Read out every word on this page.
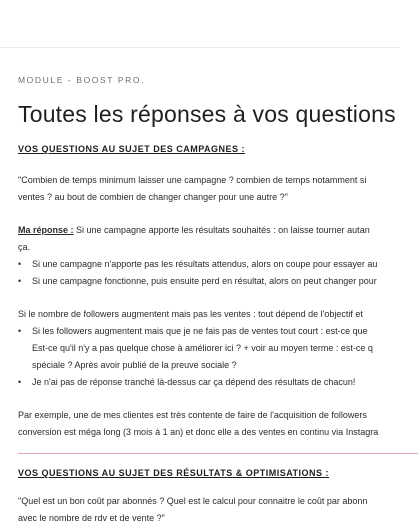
MODULE - BOOST PRO.
Toutes les réponses à vos questions
VOS QUESTIONS AU SUJET DES CAMPAGNES :
"Combien de temps minimum laisser une campagne ? combien de temps notamment si
ventes ? au bout de combien de changer changer pour une autre ?"
Ma réponse : Si une campagne apporte les résultats souhaités : on laisse tourner autan
ça.
• Si une campagne n'apporte pas les résultats attendus, alors on coupe pour essayer au
• Si une campagne fonctionne, puis ensuite perd en résultat, alors on peut changer pour
Si le nombre de followers augmentent mais pas les ventes : tout dépend de l'objectif et
• Si les followers augmentent mais que je ne fais pas de ventes tout court : est-ce que
Est-ce qu'il n'y a pas quelque chose à améliorer ici ? + voir au moyen terme : est-ce q
spéciale ? Après avoir publié de la preuve sociale ?
• Je n'ai pas de réponse tranché là-dessus car ça dépend des résultats de chacun!
Par exemple, une de mes clientes est très contente de faire de l'acquisition de followers
conversion est méga long (3 mois à 1 an) et donc elle a des ventes en continu via Instagra
VOS QUESTIONS AU SUJET DES RÉSULTATS & OPTIMISATIONS :
"Quel est un bon coût par abonnés ? Quel est le calcul pour connaitre le coût par abonn
avec le nombre de rdv et de vente ?"
